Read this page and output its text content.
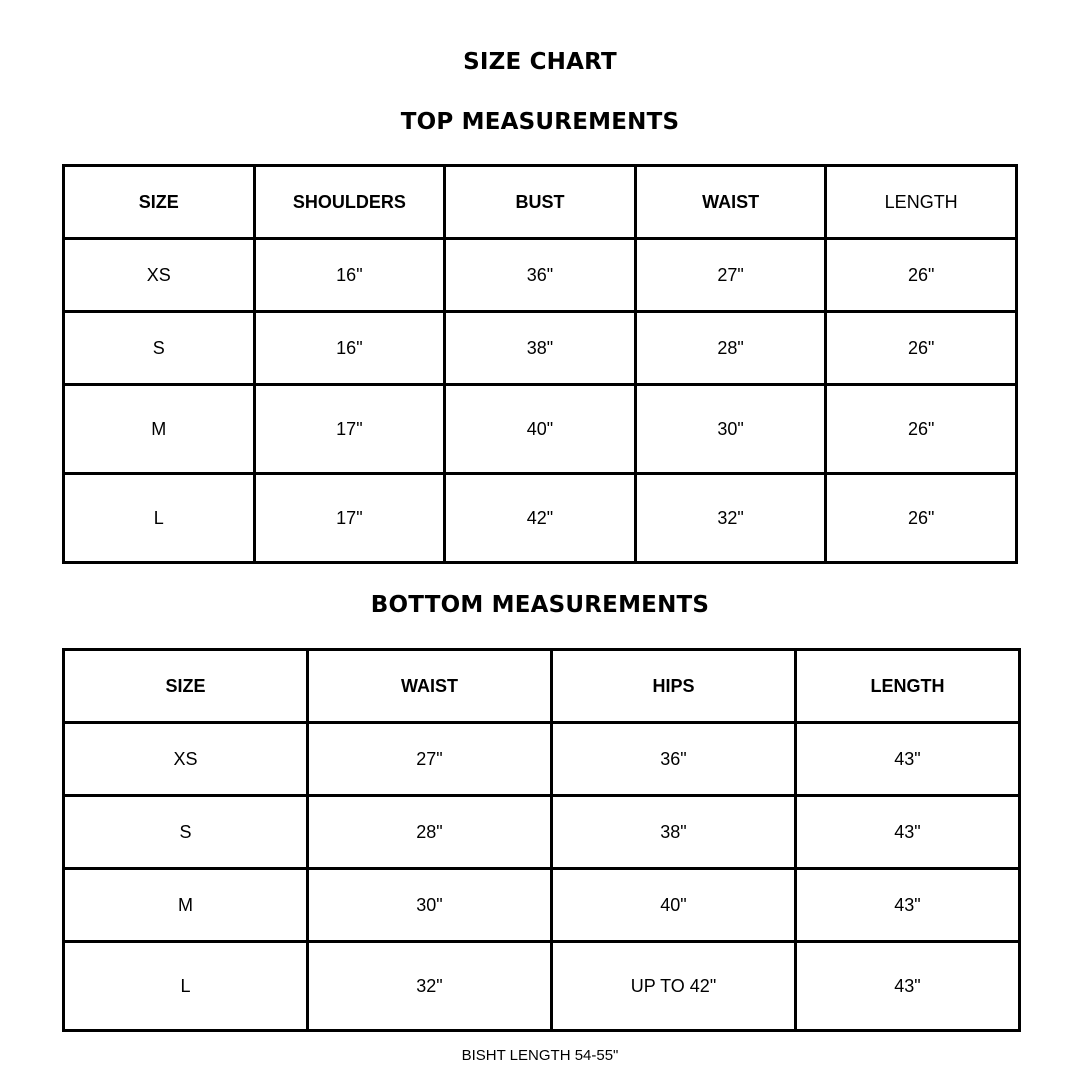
SIZE CHART
TOP MEASUREMENTS
SIZE	SHOULDERS	BUST	WAIST	LENGTH
XS	16"	36"	27"	26"
S	16"	38"	28"	26"
M	17"	40"	30"	26"
L	17"	42"	32"	26"
BOTTOM MEASUREMENTS
SIZE	WAIST	HIPS	LENGTH
XS	27"	36"	43"
S	28"	38"	43"
M	30"	40"	43"
L	32"	UP TO 42"	43"
BISHT LENGTH 54-55"
